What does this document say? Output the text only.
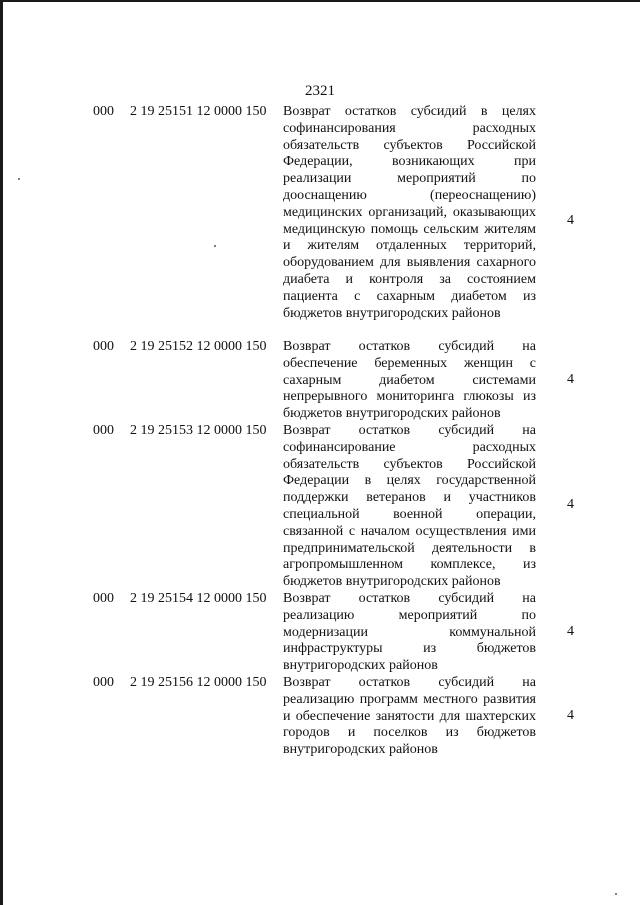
2321
000 2 19 25151 12 0000 150 Возврат остатков субсидий в целях софинансирования расходных обязательств субъектов Российской Федерации, возникающих при реализации мероприятий по дооснащению (переоснащению) медицинских организаций, оказывающих медицинскую помощь сельским жителям и жителям отдаленных территорий, оборудованием для выявления сахарного диабета и контроля за состоянием пациента с сахарным диабетом из бюджетов внутригородских районов
4
000 2 19 25152 12 0000 150 Возврат остатков субсидий на обеспечение беременных женщин с сахарным диабетом системами непрерывного мониторинга глюкозы из бюджетов внутригородских районов
4
000 2 19 25153 12 0000 150 Возврат остатков субсидий на софинансирование расходных обязательств субъектов Российской Федерации в целях государственной поддержки ветеранов и участников специальной военной операции, связанной с началом осуществления ими предпринимательской деятельности в агропромышленном комплексе, из бюджетов внутригородских районов
4
000 2 19 25154 12 0000 150 Возврат остатков субсидий на реализацию мероприятий по модернизации коммунальной инфраструктуры из бюджетов внутригородских районов
4
000 2 19 25156 12 0000 150 Возврат остатков субсидий на реализацию программ местного развития и обеспечение занятости для шахтерских городов и поселков из бюджетов внутригородских районов
4
